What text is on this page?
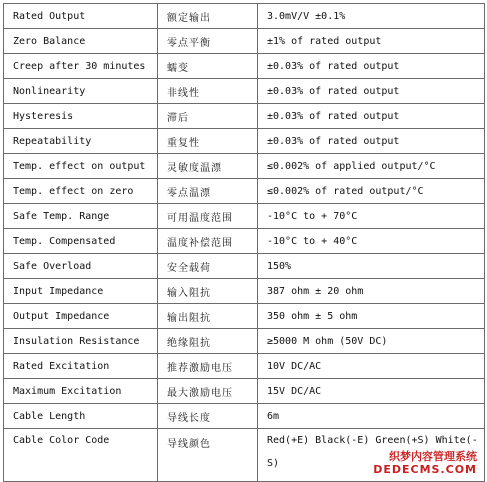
Rated Output	额定输出	3.0mV/V ±0.1%
Zero Balance	零点平衡	±1% of rated output
Creep after 30 minutes	蠕变	±0.03% of rated output
Nonlinearity	非线性	±0.03% of rated output
Hysteresis	滞后	±0.03% of rated output
Repeatability	重复性	±0.03% of rated output
Temp. effect on output	灵敏度温漂	≤0.002% of applied output/°C
Temp. effect on zero	零点温漂	≤0.002% of rated output/°C
Safe Temp. Range	可用温度范围	-10°C to + 70°C
Temp. Compensated	温度补偿范围	-10°C to + 40°C
Safe Overload	安全载荷	150%
Input Impedance	输入阻抗	387 ohm ± 20 ohm
Output Impedance	输出阻抗	350 ohm ± 5 ohm
Insulation Resistance	绝缘阻抗	≥5000 M ohm (50V DC)
Rated Excitation	推荐激励电压	10V DC/AC
Maximum Excitation	最大激励电压	15V DC/AC
Cable Length	导线长度	6m
Cable Color Code	导线颜色	Red(+E) Black(-E) Green(+S) White(-S)
织梦内容管理系统
DEDECMS.COM
